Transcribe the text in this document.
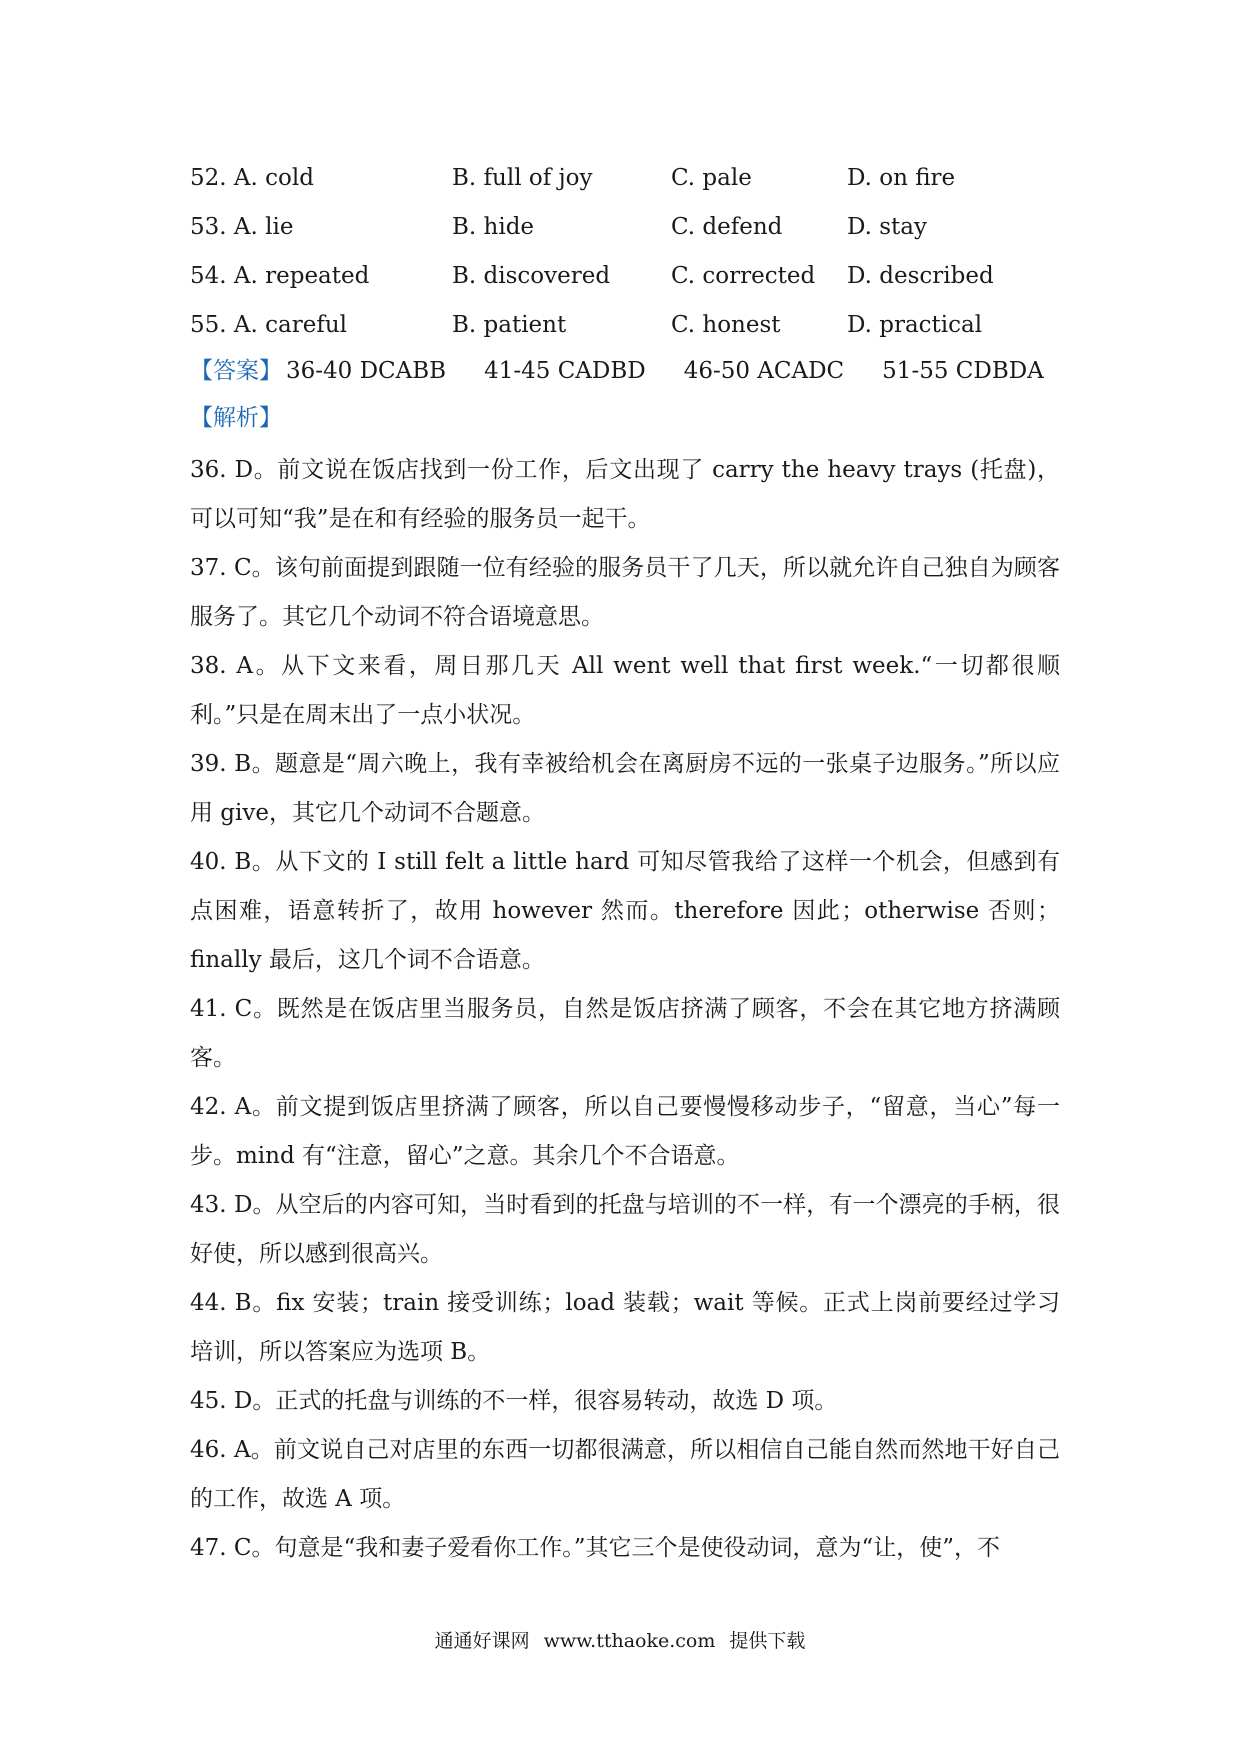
52. A. cold	B. full of joy	C. pale	D. on fire
53. A. lie	B. hide	C. defend	D. stay
54. A. repeated	B. discovered	C. corrected D. described
55. A. careful	B. patient	C. honest	D. practical
【答案】 36-40 DCABB 41-45 CADBD 46-50 ACADC 51-55 CDBDA
【解析】

36. D。前文说在饭店找到一份工作，后文出现了 carry the heavy trays (托盘)，可以可知“我”是在和有经验的服务员一起干。

37. C。该句前面提到跟随一位有经验的服务员干了几天，所以就允许自己独自为顾客服务了。其它几个动词不符合语境意思。

38. A。从下文来看，周日那几天 All went well that first week.“一切都很顺利。”只是在周末出了一点小状况。

39. B。题意是“周六晚上，我有幸被给机会在离厨房不远的一张桌子边服务。”所以应用 give，其它几个动词不合题意。

40. B。从下文的 I still felt a little hard 可知尽管我给了这样一个机会，但感到有点困难，语意转折了，故用 however 然而。therefore 因此；otherwise 否则；finally 最后，这几个词不合语意。

41. C。既然是在饭店里当服务员，自然是饭店挤满了顾客，不会在其它地方挤满顾客。

42. A。前文提到饭店里挤满了顾客，所以自己要慢慢移动步子，“留意，当心”每一步。mind 有“注意，留心”之意。其余几个不合语意。

43. D。从空后的内容可知，当时看到的托盘与培训的不一样，有一个漂亮的手柄，很好使，所以感到很高兴。

44. B。fix 安装；train 接受训练；load 装载；wait 等候。正式上岗前要经过学习培训，所以答案应为选项 B。

45. D。正式的托盘与训练的不一样，很容易转动，故选 D 项。

46. A。前文说自己对店里的东西一切都很满意，所以相信自己能自然而然地干好自己的工作，故选 A 项。

47. C。句意是“我和妻子爱看你工作。”其它三个是使役动词，意为“让，使”，不

通通好课网 www.tthaoke.com 提供下载
